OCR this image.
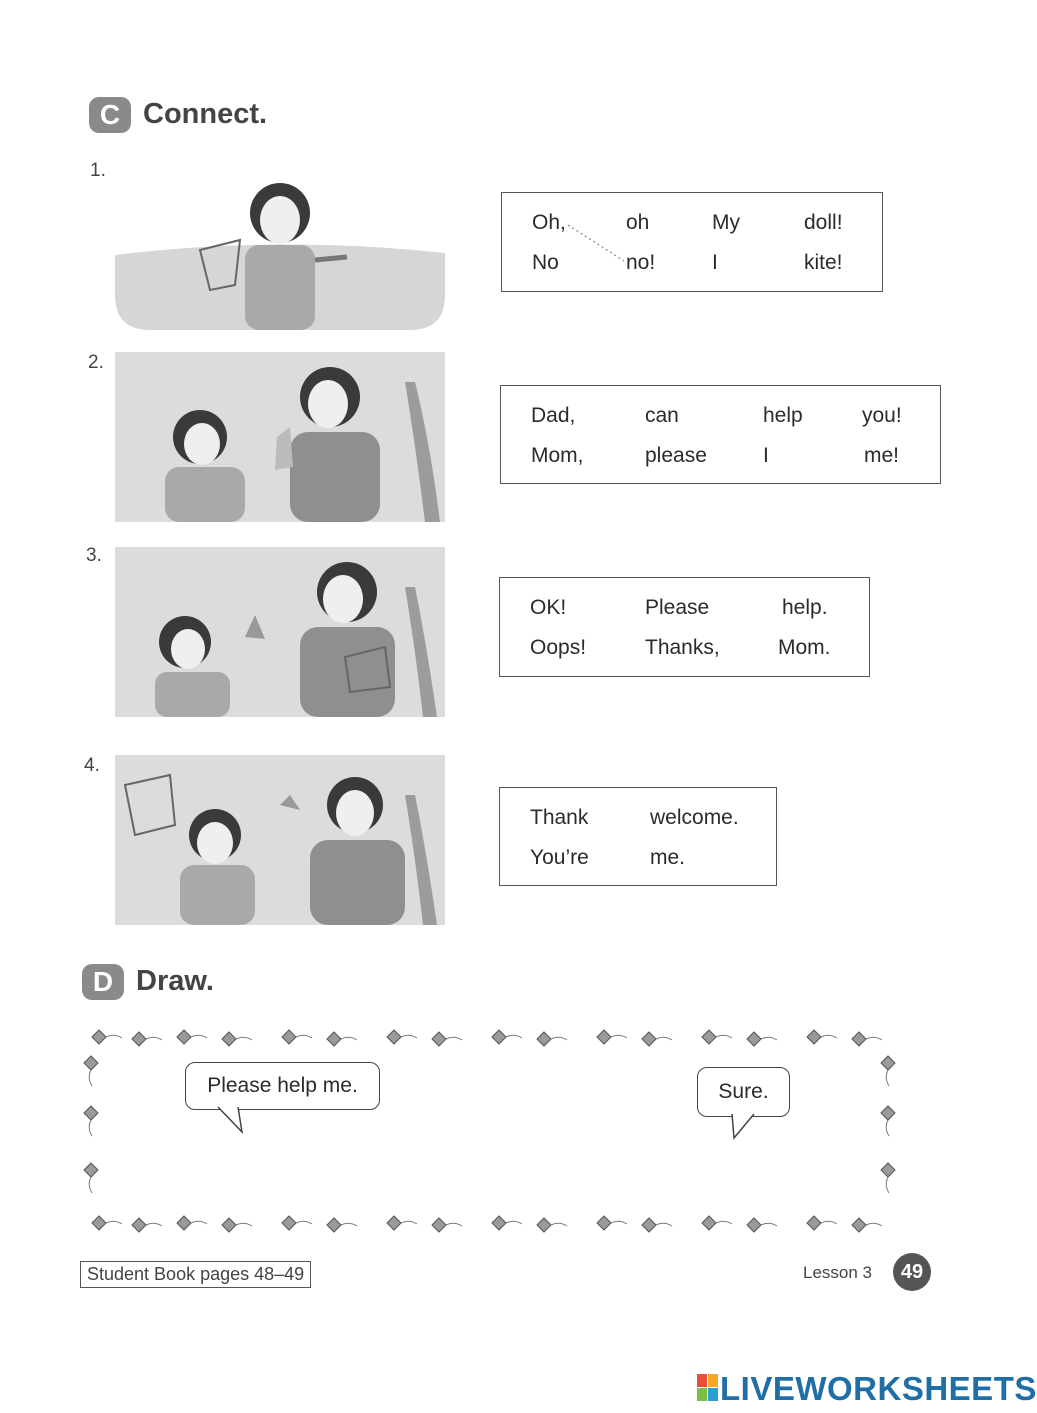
C Connect.
1.
Oh,	oh	My	doll!
No	no!	I	kite!
2.
Dad,	can	help	you!
Mom,	please	I	me!
3.
OK!	Please	help.
Oops!	Thanks,	Mom.
4.
Thank	welcome.
You’re	me.
D Draw.
Please help me.	Sure.
Student Book pages 48–49	Lesson 3	49
LIVEWORKSHEETS
